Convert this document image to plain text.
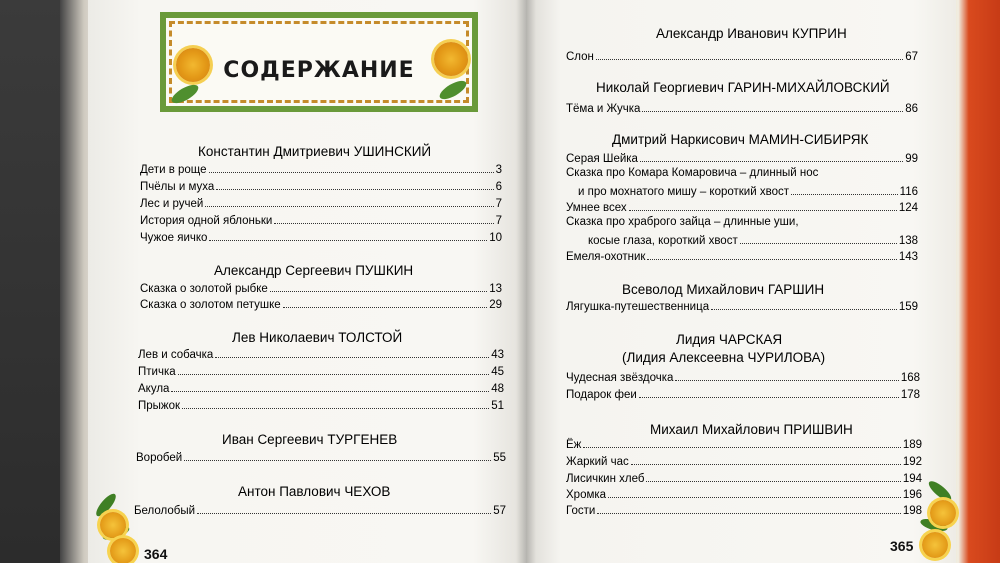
СОДЕРЖАНИЕ
Константин Дмитриевич УШИНСКИЙ
Дети в роще	3
Пчёлы и муха	6
Лес и ручей	7
История одной яблоньки	7
Чужое яичко	10
Александр Сергеевич ПУШКИН
Сказка о золотой рыбке	13
Сказка о золотом петушке	29
Лев Николаевич ТОЛСТОЙ
Лев и собачка	43
Птичка	45
Акула	48
Прыжок	51
Иван Сергеевич ТУРГЕНЕВ
Воробей	55
Антон Павлович ЧЕХОВ
Белолобый	57
364
Александр Иванович КУПРИН
Слон	67
Николай Георгиевич ГАРИН-МИХАЙЛОВСКИЙ
Тёма и Жучка	86
Дмитрий Наркисович МАМИН-СИБИРЯК
Серая Шейка	99
Сказка про Комара Комаровича – длинный нос
и про мохнатого мишу – короткий хвост	116
Умнее всех	124
Сказка про храброго зайца – длинные уши,
косые глаза, короткий хвост	138
Емеля-охотник	143
Всеволод Михайлович ГАРШИН
Лягушка-путешественница	159
Лидия ЧАРСКАЯ
(Лидия Алексеевна ЧУРИЛОВА)
Чудесная звёздочка	168
Подарок феи	178
Михаил Михайлович ПРИШВИН
Ёж	189
Жаркий час	192
Лисичкин хлеб	194
Хромка	196
Гости	198
365
